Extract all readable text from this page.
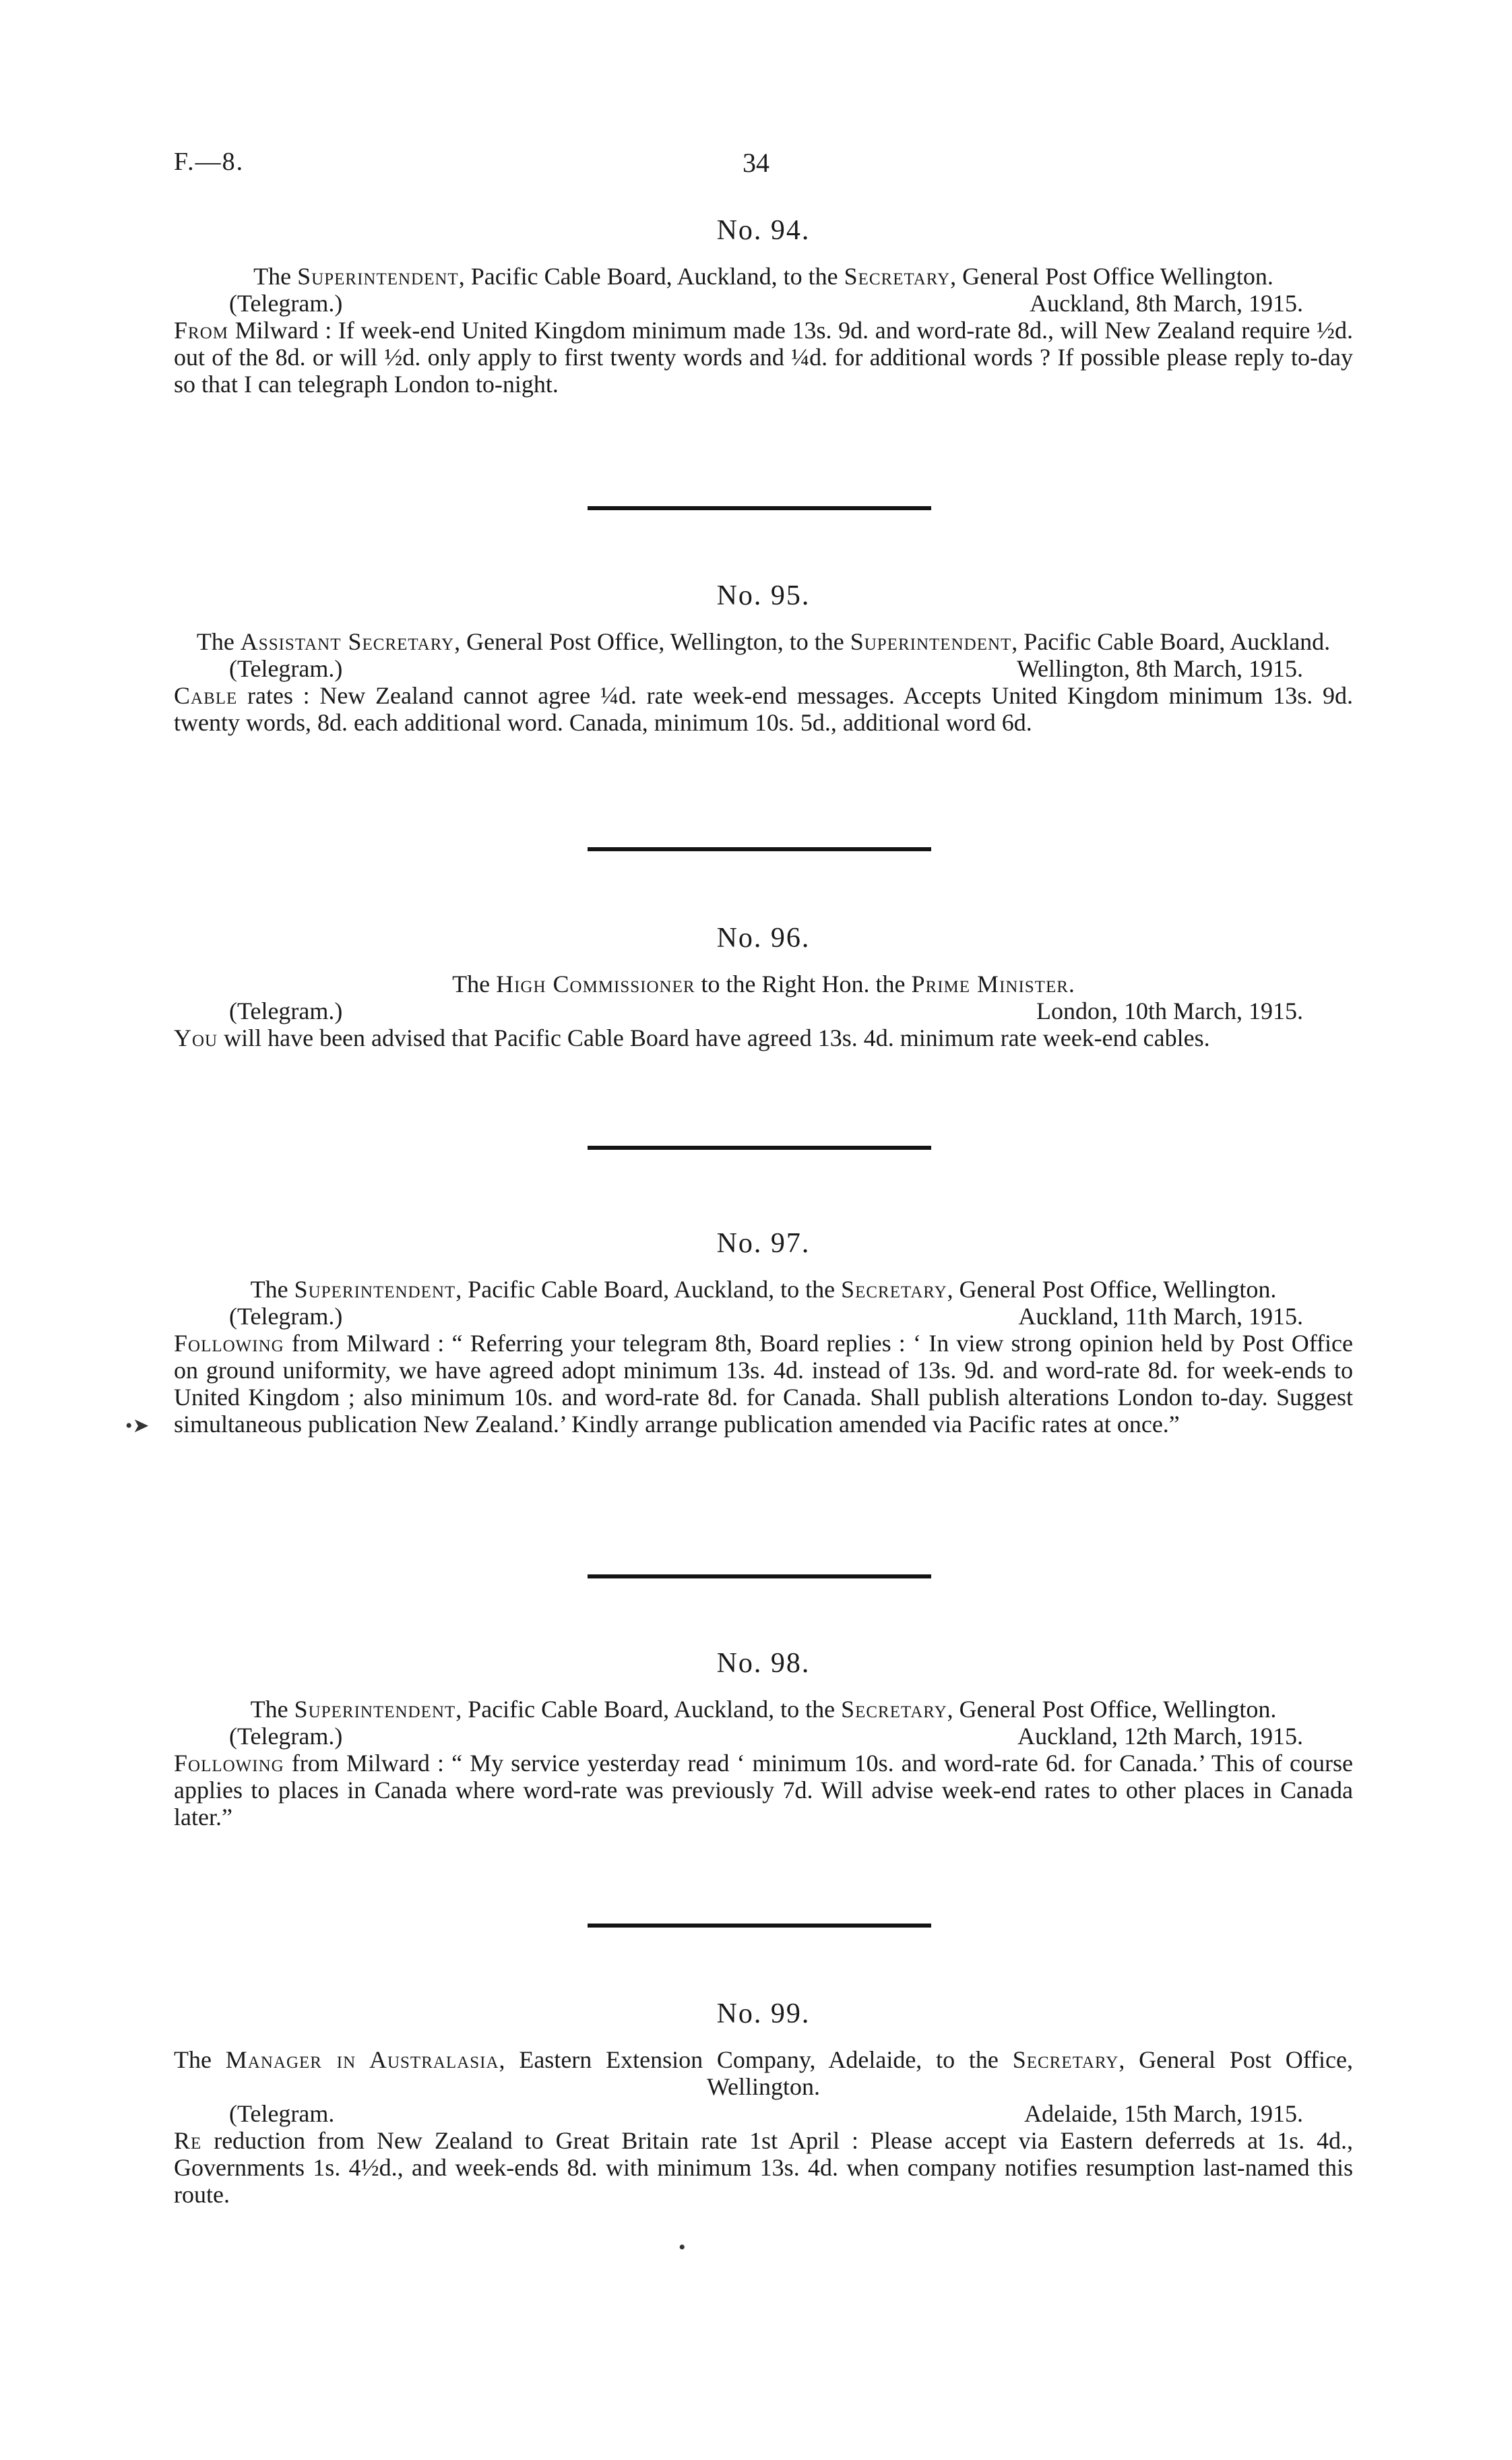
F.—8.	34
No. 94.
The Superintendent, Pacific Cable Board, Auckland, to the Secretary, General Post Office Wellington.
(Telegram.)	Auckland, 8th March, 1915.
From Milward : If week-end United Kingdom minimum made 13s. 9d. and word-rate 8d., will New Zealand require ½d. out of the 8d. or will ½d. only apply to first twenty words and ¼d. for additional words ? If possible please reply to-day so that I can telegraph London to-night.
No. 95.
The Assistant Secretary, General Post Office, Wellington, to the Superintendent, Pacific Cable Board, Auckland.
(Telegram.)	Wellington, 8th March, 1915.
Cable rates : New Zealand cannot agree ¼d. rate week-end messages. Accepts United Kingdom minimum 13s. 9d. twenty words, 8d. each additional word. Canada, minimum 10s. 5d., additional word 6d.
No. 96.
The High Commissioner to the Right Hon. the Prime Minister.
(Telegram.)	London, 10th March, 1915.
You will have been advised that Pacific Cable Board have agreed 13s. 4d. minimum rate week-end cables.
No. 97.
The Superintendent, Pacific Cable Board, Auckland, to the Secretary, General Post Office, Wellington.
(Telegram.)	Auckland, 11th March, 1915.
Following from Milward : “ Referring your telegram 8th, Board replies : ‘ In view strong opinion held by Post Office on ground uniformity, we have agreed adopt minimum 13s. 4d. instead of 13s. 9d. and word-rate 8d. for week-ends to United Kingdom ; also minimum 10s. and word-rate 8d. for Canada. Shall publish alterations London to-day. Suggest simultaneous publication New Zealand.’ Kindly arrange publication amended via Pacific rates at once.”
•➤
No. 98.
The Superintendent, Pacific Cable Board, Auckland, to the Secretary, General Post Office, Wellington.
(Telegram.)	Auckland, 12th March, 1915.
Following from Milward : “ My service yesterday read ‘ minimum 10s. and word-rate 6d. for Canada.’ This of course applies to places in Canada where word-rate was previously 7d. Will advise week-end rates to other places in Canada later.”
No. 99.
The Manager in Australasia, Eastern Extension Company, Adelaide, to the Secretary, General Post Office, Wellington.
(Telegram.	Adelaide, 15th March, 1915.
Re reduction from New Zealand to Great Britain rate 1st April : Please accept via Eastern deferreds at 1s. 4d., Governments 1s. 4½d., and week-ends 8d. with minimum 13s. 4d. when company notifies resumption last-named this route.
•
